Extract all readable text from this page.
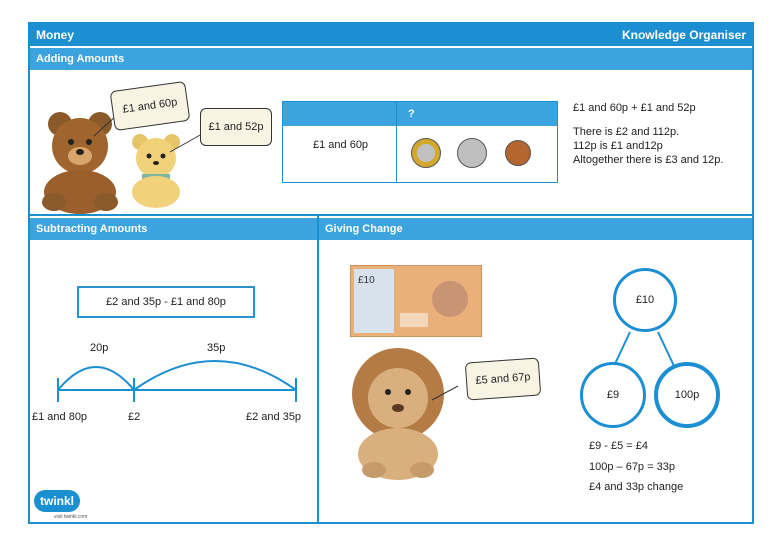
Money	Knowledge Organiser
Adding Amounts
£1 and 60p
£1 and 52p
?
£1 and 60p
£1 and 60p + £1 and 52p
There is £2 and 112p.
112p is £1 and12p
Altogether there is £3 and 12p.
Subtracting Amounts
£2 and 35p - £1 and 80p
20p	35p
£1 and 80p	£2	£2 and 35p
Giving Change
£10
£5 and 67p
£10
£9	100p
£9 - £5 = £4
100p – 67p = 33p
£4 and 33p change
twinkl
visit twinkl.com
